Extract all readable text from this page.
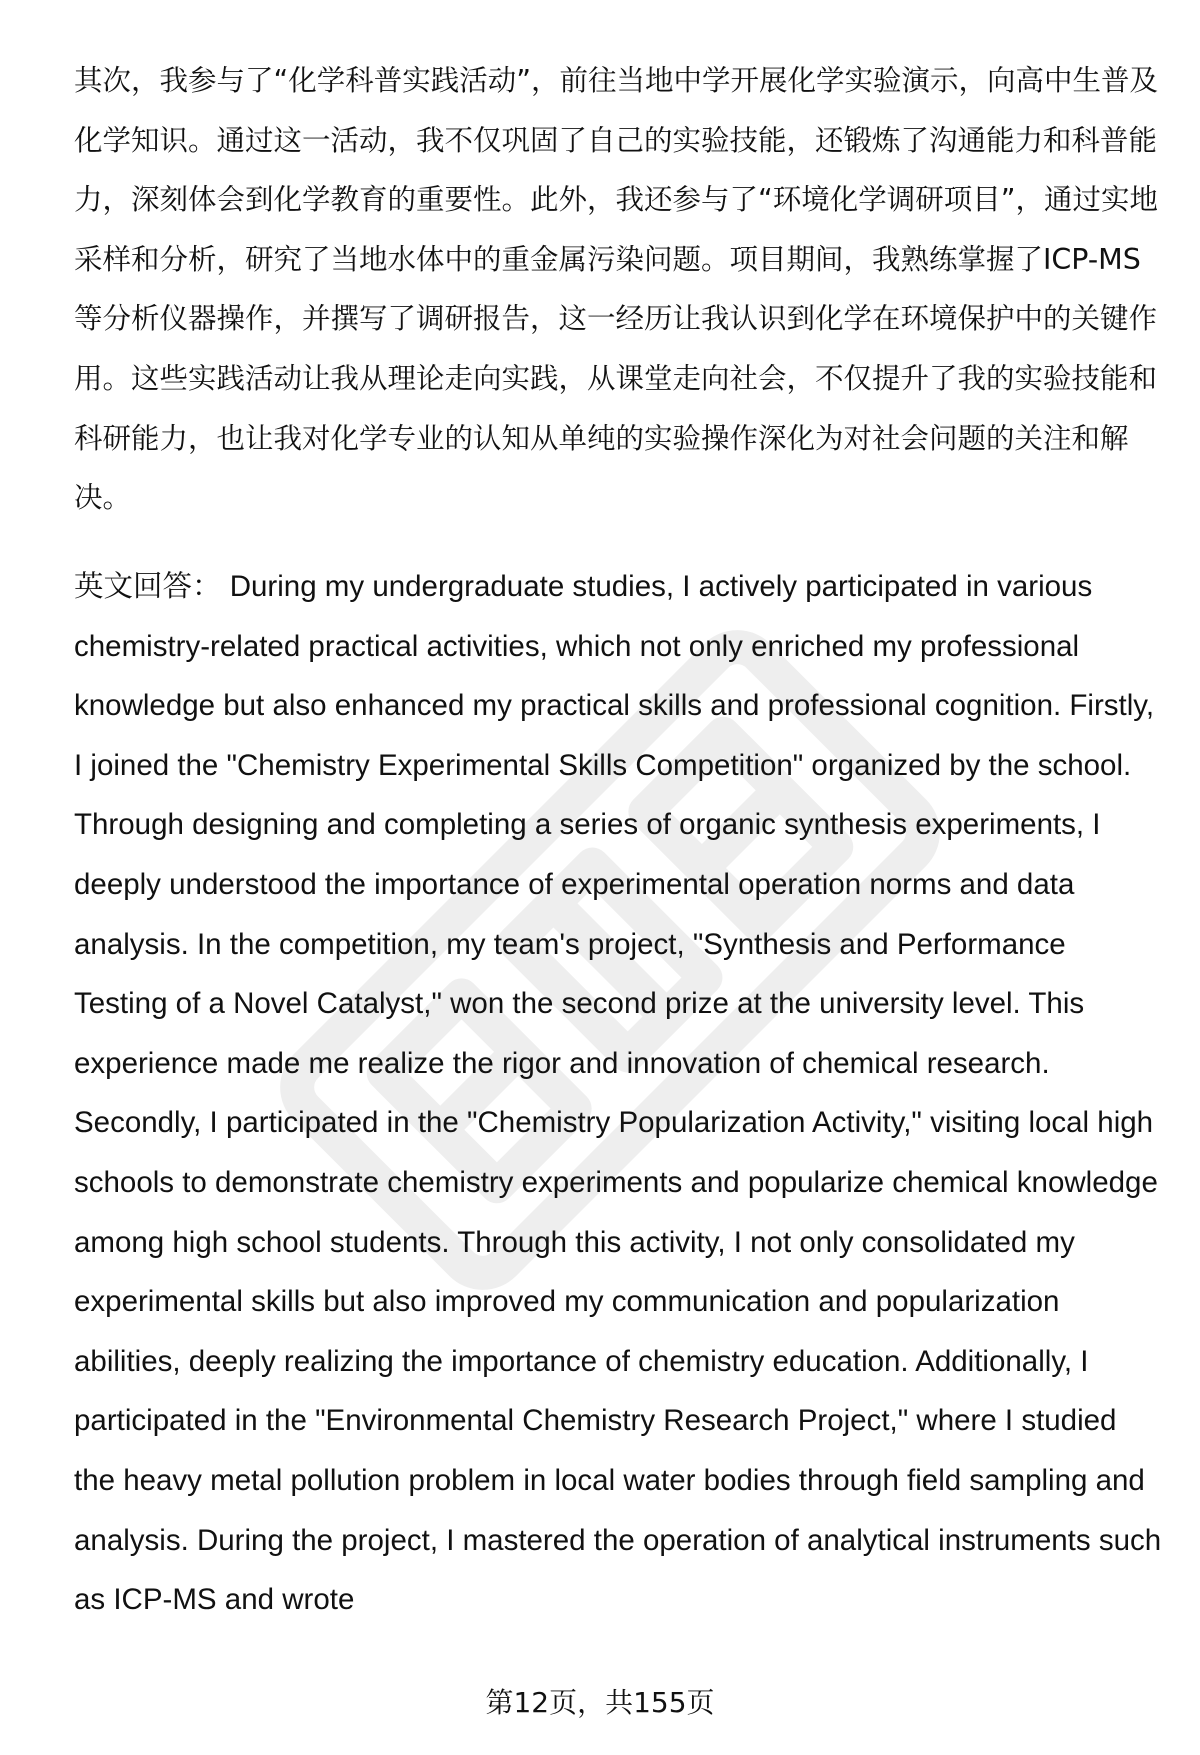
其次，我参与了“化学科普实践活动”，前往当地中学开展化学实验演示，向高中生普及化学知识。通过这一活动，我不仅巩固了自己的实验技能，还锻炼了沟通能力和科普能力，深刻体会到化学教育的重要性。此外，我还参与了“环境化学调研项目”，通过实地采样和分析，研究了当地水体中的重金属污染问题。项目期间，我熟练掌握了ICP-MS等分析仪器操作，并撰写了调研报告，这一经历让我认识到化学在环境保护中的关键作用。这些实践活动让我从理论走向实践，从课堂走向社会，不仅提升了我的实验技能和科研能力，也让我对化学专业的认知从单纯的实验操作深化为对社会问题的关注和解决。

英文回答： During my undergraduate studies, I actively participated in various chemistry-related practical activities, which not only enriched my professional knowledge but also enhanced my practical skills and professional cognition. Firstly, I joined the "Chemistry Experimental Skills Competition" organized by the school. Through designing and completing a series of organic synthesis experiments, I deeply understood the importance of experimental operation norms and data analysis. In the competition, my team's project, "Synthesis and Performance Testing of a Novel Catalyst," won the second prize at the university level. This experience made me realize the rigor and innovation of chemical research. Secondly, I participated in the "Chemistry Popularization Activity," visiting local high schools to demonstrate chemistry experiments and popularize chemical knowledge among high school students. Through this activity, I not only consolidated my experimental skills but also improved my communication and popularization abilities, deeply realizing the importance of chemistry education. Additionally, I participated in the "Environmental Chemistry Research Project," where I studied the heavy metal pollution problem in local water bodies through field sampling and analysis. During the project, I mastered the operation of analytical instruments such as ICP-MS and wrote

第12页，共155页
